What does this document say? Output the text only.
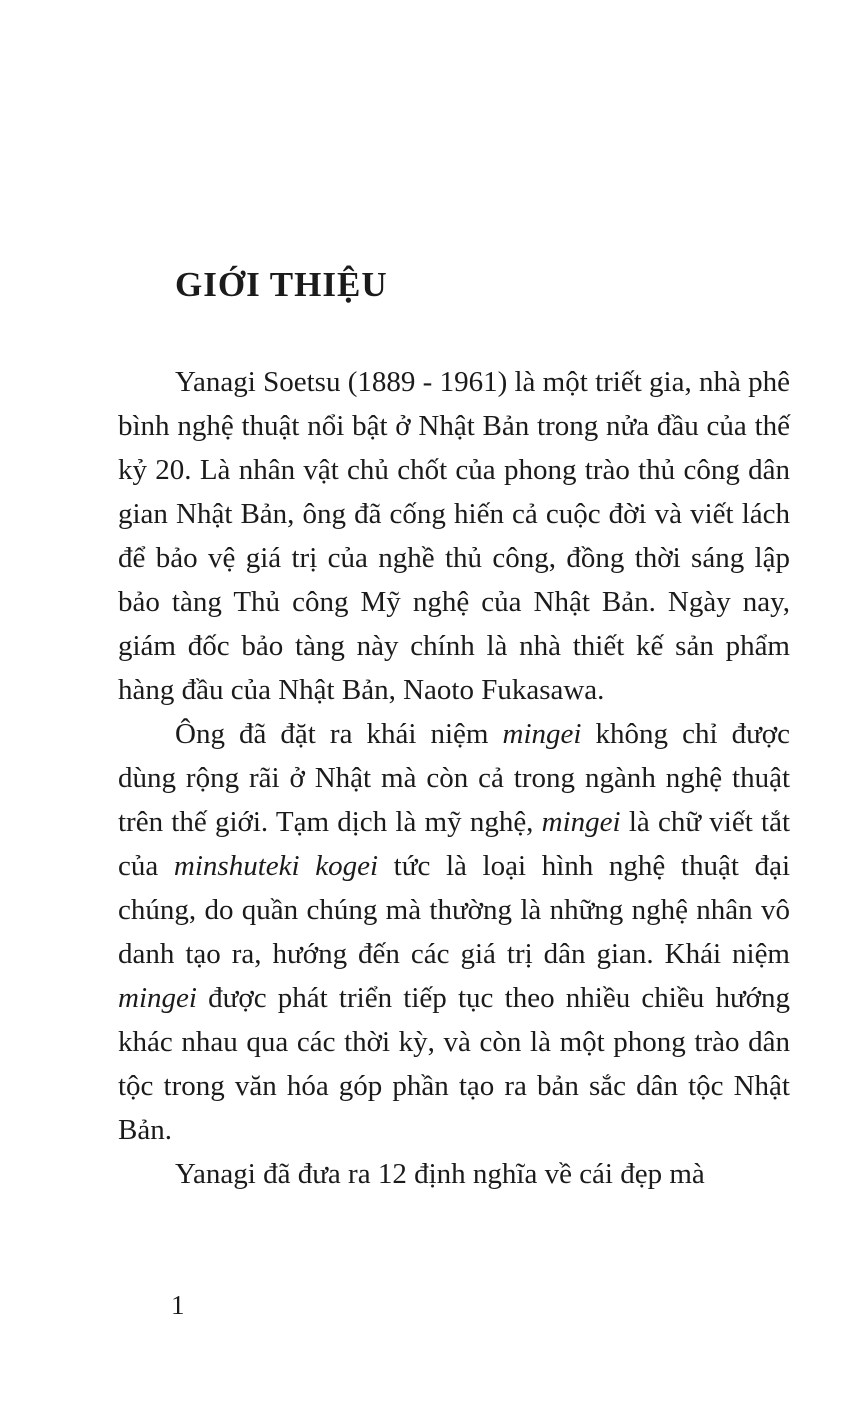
GIỚI THIỆU

Yanagi Soetsu (1889 - 1961) là một triết gia, nhà phê bình nghệ thuật nổi bật ở Nhật Bản trong nửa đầu của thế kỷ 20. Là nhân vật chủ chốt của phong trào thủ công dân gian Nhật Bản, ông đã cống hiến cả cuộc đời và viết lách để bảo vệ giá trị của nghề thủ công, đồng thời sáng lập bảo tàng Thủ công Mỹ nghệ của Nhật Bản. Ngày nay, giám đốc bảo tàng này chính là nhà thiết kế sản phẩm hàng đầu của Nhật Bản, Naoto Fukasawa.

Ông đã đặt ra khái niệm mingei không chỉ được dùng rộng rãi ở Nhật mà còn cả trong ngành nghệ thuật trên thế giới. Tạm dịch là mỹ nghệ, mingei là chữ viết tắt của minshuteki kogei tức là loại hình nghệ thuật đại chúng, do quần chúng mà thường là những nghệ nhân vô danh tạo ra, hướng đến các giá trị dân gian. Khái niệm mingei được phát triển tiếp tục theo nhiều chiều hướng khác nhau qua các thời kỳ, và còn là một phong trào dân tộc trong văn hóa góp phần tạo ra bản sắc dân tộc Nhật Bản.

Yanagi đã đưa ra 12 định nghĩa về cái đẹp mà

1
